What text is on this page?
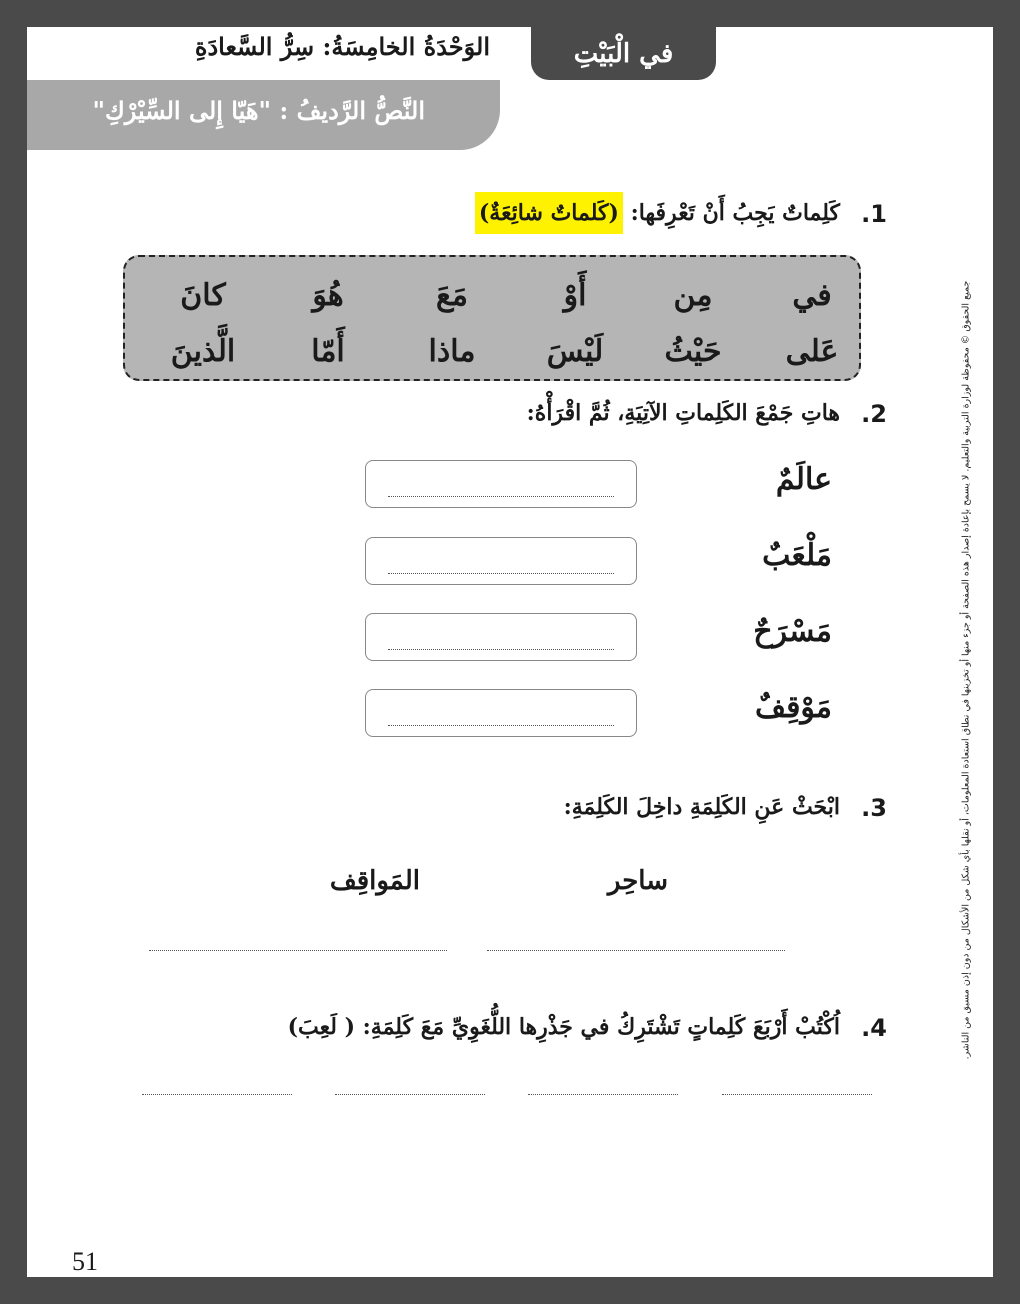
الوَحْدَةُ الخامِسَةُ: سِرُّ السَّعادَةِ	في الْبَيْتِ
النَّصُّ الرَّديفُ : "هَيّا إِلى السِّيْرْكِ"
.1
كَلِماتٌ يَجِبُ أَنْ تَعْرِفَها: (كَلماتٌ شائِعَةٌ)
في
مِن
أَوْ
مَعَ
هُوَ
كانَ
عَلى
حَيْثُ
لَيْسَ
ماذا
أَمّا
الَّذينَ
.2
هاتِ جَمْعَ الكَلِماتِ الآتِيَةِ، ثُمَّ اقْرَأْهُ:
عالَمٌ
مَلْعَبٌ
مَسْرَحٌ
مَوْقِفٌ
.3
ابْحَثْ عَنِ الكَلِمَةِ داخِلَ الكَلِمَةِ:
ساحِر
المَواقِف
.4
اُكْتُبْ أَرْبَعَ كَلِماتٍ تَشْتَرِكُ في جَذْرِها اللُّغَوِيِّ مَعَ كَلِمَةِ: ( لَعِبَ)	جميع الحقوق © محفوظة لوزارة التربية والتعليم. لا يسمح بإعادة إصدار هذه الصفحة أو جزء منها أو تخزينها في نطاق استعادة المعلومات، أو نقلها بأي شكل من الأشكال من دون إذن مسبق من الناشر.
51
